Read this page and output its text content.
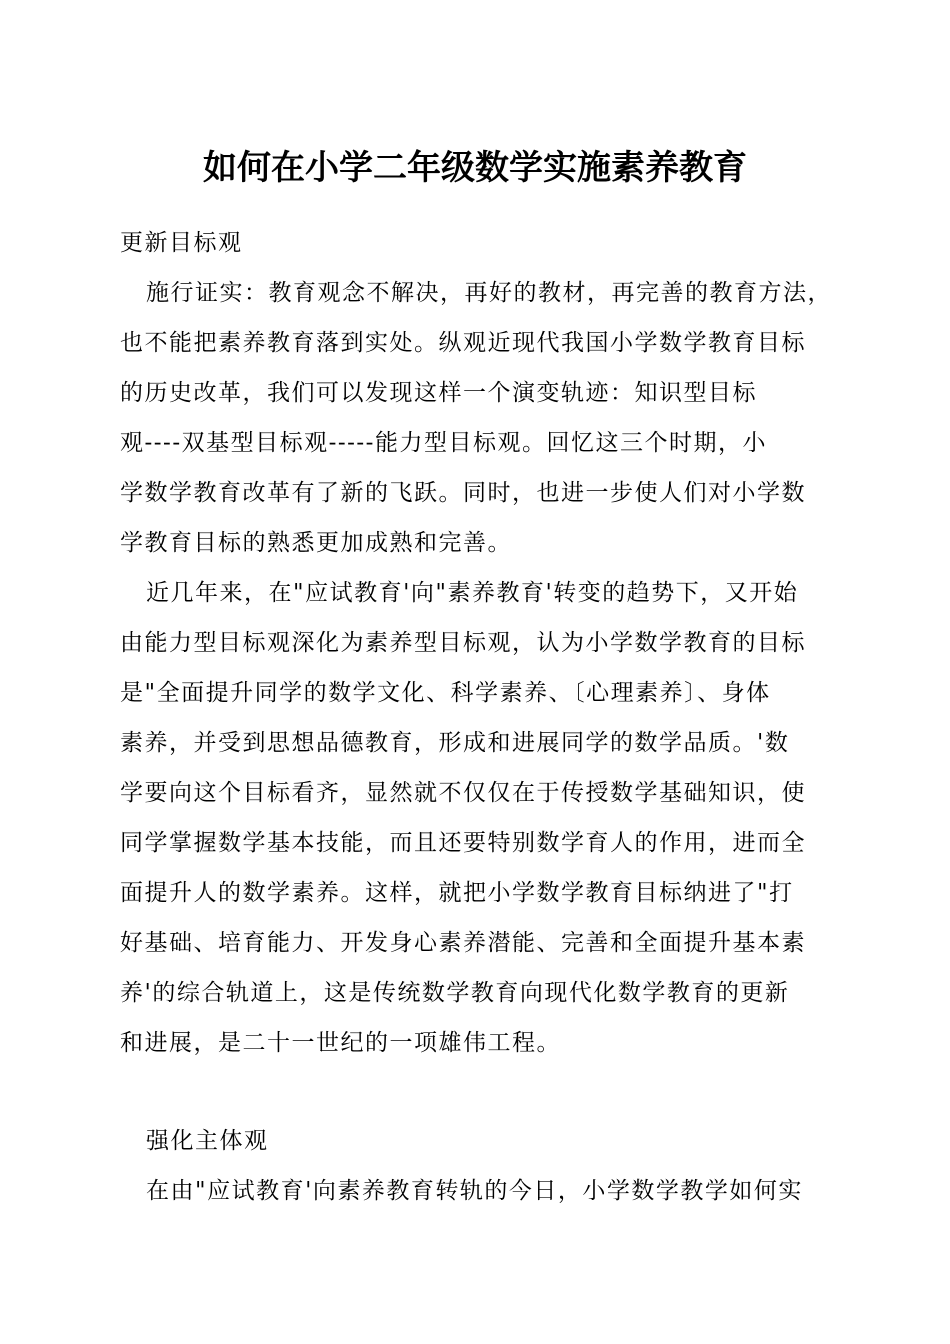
如何在小学二年级数学实施素养教育
更新目标观
施行证实：教育观念不解决，再好的教材，再完善的教育方法，
也不能把素养教育落到实处。纵观近现代我国小学数学教育目标
的历史改革，我们可以发现这样一个演变轨迹：知识型目标
观----双基型目标观-----能力型目标观。回忆这三个时期，小
学数学教育改革有了新的飞跃。同时，也进一步使人们对小学数
学教育目标的熟悉更加成熟和完善。
近几年来，在"应试教育'向"素养教育'转变的趋势下，又开始
由能力型目标观深化为素养型目标观，认为小学数学教育的目标
是"全面提升同学的数学文化、科学素养、〔心理素养〕、身体
素养，并受到思想品德教育，形成和进展同学的数学品质。'数
学要向这个目标看齐，显然就不仅仅在于传授数学基础知识，使
同学掌握数学基本技能，而且还要特别数学育人的作用，进而全
面提升人的数学素养。这样，就把小学数学教育目标纳进了"打
好基础、培育能力、开发身心素养潜能、完善和全面提升基本素
养'的综合轨道上，这是传统数学教育向现代化数学教育的更新
和进展，是二十一世纪的一项雄伟工程。
强化主体观
在由"应试教育'向素养教育转轨的今日，小学数学教学如何实
